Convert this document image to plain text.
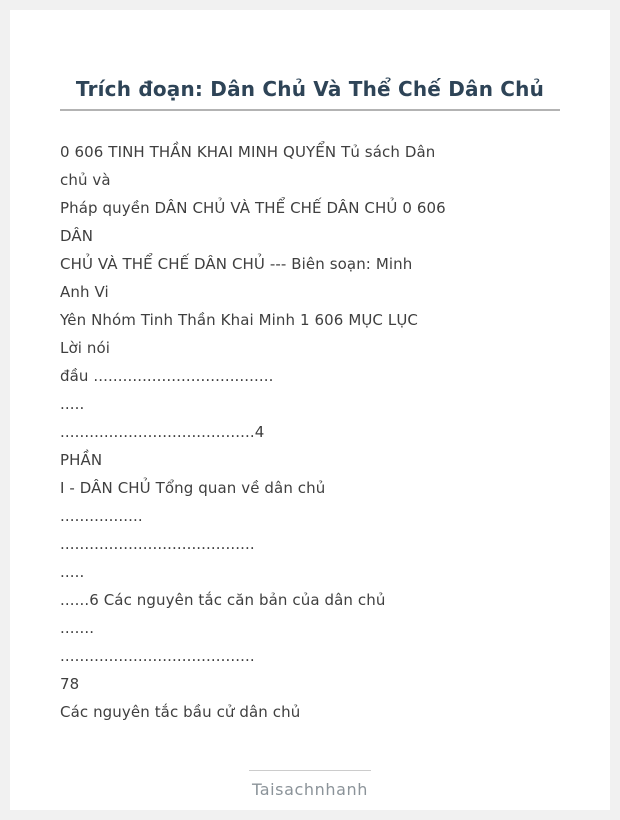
Trích đoạn: Dân Chủ Và Thể Chế Dân Chủ
0 606 TINH THẦN KHAI MINH QUYỂN Tủ sách Dân
chủ và
Pháp quyền DÂN CHỦ VÀ THỂ CHẾ DÂN CHỦ 0 606
DÂN
CHỦ VÀ THỂ CHẾ DÂN CHỦ --- Biên soạn: Minh
Anh Vi
Yên Nhóm Tinh Thần Khai Minh 1 606 MỤC LỤC
Lời nói
đầu .....................................
.....
........................................4
PHẦN
I - DÂN CHỦ Tổng quan về dân chủ
.................
........................................
.....
......6 Các nguyên tắc căn bản của dân chủ
.......
........................................
78
Các nguyên tắc bầu cử dân chủ
Taisachnhanh
